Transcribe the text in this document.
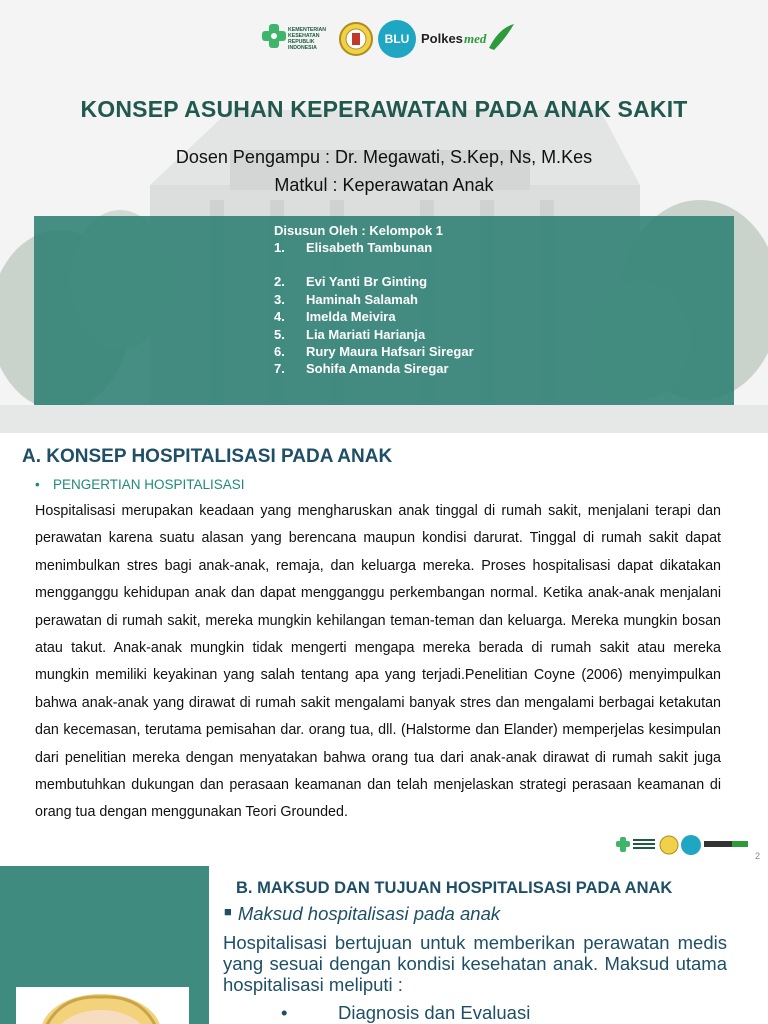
KEMENTERIAN
KESEHATAN
REPUBLIK
INDONESIA
BLU Polkes med
KONSEP ASUHAN KEPERAWATAN PADA ANAK SAKIT
Dosen Pengampu : Dr. Megawati, S.Kep, Ns, M.Kes
Matkul : Keperawatan Anak
Disusun Oleh : Kelompok 1
1.	Elisabeth Tambunan
2.	Evi Yanti Br Ginting
3.	Haminah Salamah
4.	Imelda Meivira
5.	Lia Mariati Harianja
6.	Rury Maura Hafsari Siregar
7.	Sohifa Amanda Siregar
A. KONSEP HOSPITALISASI PADA ANAK
• PENGERTIAN HOSPITALISASI

Hospitalisasi merupakan keadaan yang mengharuskan anak tinggal di rumah sakit, menjalani terapi dan perawatan karena suatu alasan yang berencana maupun kondisi darurat. Tinggal di rumah sakit dapat menimbulkan stres bagi anak-anak, remaja, dan keluarga mereka. Proses hospitalisasi dapat dikatakan mengganggu kehidupan anak dan dapat mengganggu perkembangan normal. Ketika anak-anak menjalani perawatan di rumah sakit, mereka mungkin kehilangan teman-teman dan keluarga. Mereka mungkin bosan atau takut. Anak-anak mungkin tidak mengerti mengapa mereka berada di rumah sakit atau mereka mungkin memiliki keyakinan yang salah tentang apa yang terjadi.Penelitian Coyne (2006) menyimpulkan bahwa anak-anak yang dirawat di rumah sakit mengalami banyak stres dan mengalami berbagai ketakutan dan kecemasan, terutama pemisahan dar. orang tua, dll. (Halstorme dan Elander) memperjelas kesimpulan dari penelitian mereka dengan menyatakan bahwa orang tua dari anak-anak dirawat di rumah sakit juga membutuhkan dukungan dan perasaan keamanan dan telah menjelaskan strategi perasaan keamanan di orang tua dengan menggunakan Teori Grounded.

2
B. MAKSUD DAN TUJUAN HOSPITALISASI PADA ANAK
■ Maksud hospitalisasi pada anak

Hospitalisasi bertujuan untuk memberikan perawatan medis yang sesuai dengan kondisi kesehatan anak. Maksud utama hospitalisasi meliputi :

•	Diagnosis dan Evaluasi
